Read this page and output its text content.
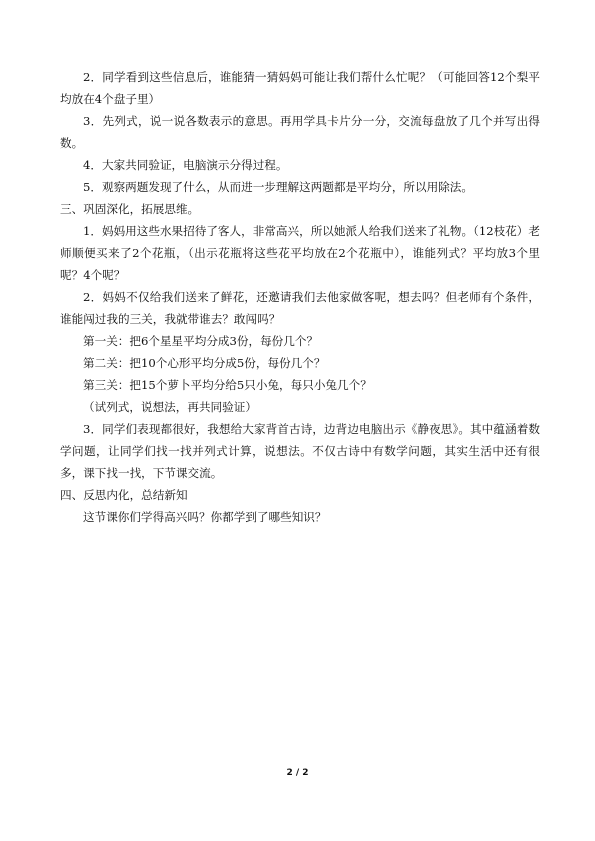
2．同学看到这些信息后，谁能猜一猜妈妈可能让我们帮什么忙呢？（可能回答12个梨平均放在4个盘子里）

3．先列式，说一说各数表示的意思。再用学具卡片分一分，交流每盘放了几个并写出得数。

4．大家共同验证，电脑演示分得过程。

5．观察两题发现了什么，从而进一步理解这两题都是平均分，所以用除法。

三、巩固深化，拓展思维。

1．妈妈用这些水果招待了客人，非常高兴，所以她派人给我们送来了礼物。（12枝花）老师顺便买来了2个花瓶，（出示花瓶将这些花平均放在2个花瓶中），谁能列式？平均放3个里呢？4个呢？

2．妈妈不仅给我们送来了鲜花，还邀请我们去他家做客呢，想去吗？但老师有个条件，谁能闯过我的三关，我就带谁去？敢闯吗？

第一关：把6个星星平均分成3份，每份几个？

第二关：把10个心形平均分成5份，每份几个？

第三关：把15个萝卜平均分给5只小兔，每只小兔几个？

（试列式，说想法，再共同验证）

3．同学们表现都很好，我想给大家背首古诗，边背边电脑出示《静夜思》。其中蕴涵着数学问题，让同学们找一找并列式计算，说想法。不仅古诗中有数学问题，其实生活中还有很多，课下找一找，下节课交流。

四、反思内化，总结新知

这节课你们学得高兴吗？你都学到了哪些知识？

2 / 2
